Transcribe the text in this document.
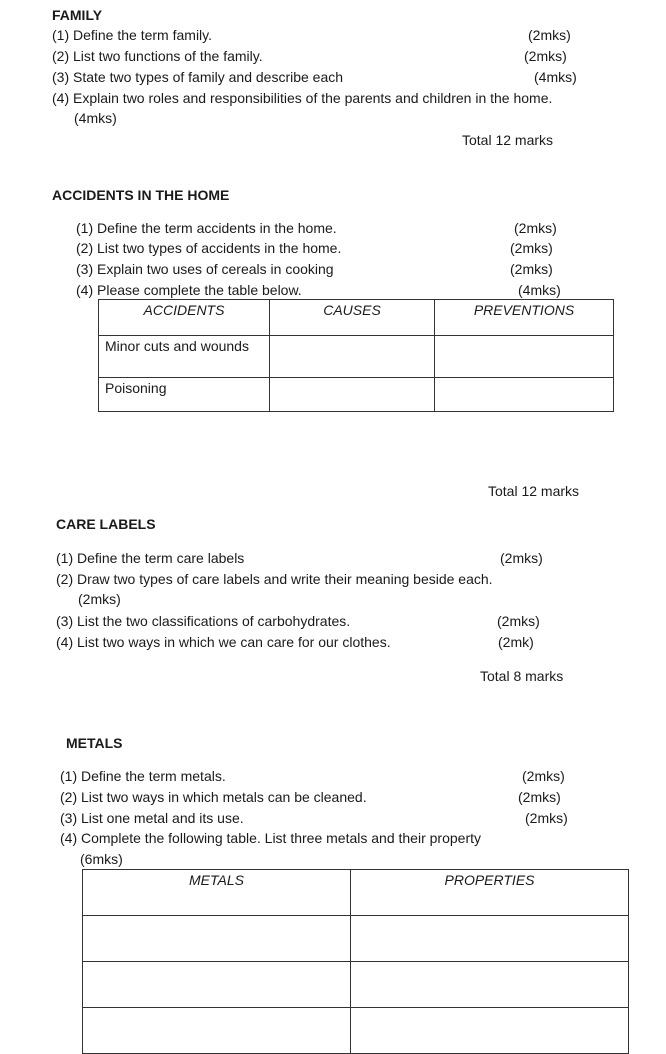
FAMILY
(1) Define the term family.	(2mks)
(2) List two functions of the family.	(2mks)
(3) State two types of family and describe each	(4mks)
(4) Explain two roles and responsibilities of the parents and children in the home.
(4mks)
Total 12 marks
ACCIDENTS IN THE HOME
(1) Define the term accidents in the home.	(2mks)
(2) List two types of accidents in the home.	(2mks)
(3) Explain two uses of cereals in cooking	(2mks)
(4) Please complete the table below.	(4mks)
ACCIDENTS	CAUSES	PREVENTIONS
Minor cuts and wounds		
Poisoning		
Total 12 marks
CARE LABELS
(1) Define the term care labels	(2mks)
(2) Draw two types of care labels and write their meaning beside each.
(2mks)
(3) List the two classifications of carbohydrates.	(2mks)
(4) List two ways in which we can care for our clothes.	(2mk)
Total 8 marks
METALS
(1) Define the term metals.	(2mks)
(2) List two ways in which metals can be cleaned.	(2mks)
(3) List one metal and its use.	(2mks)
(4) Complete the following table. List three metals and their property
(6mks)
METALS	PROPERTIES
